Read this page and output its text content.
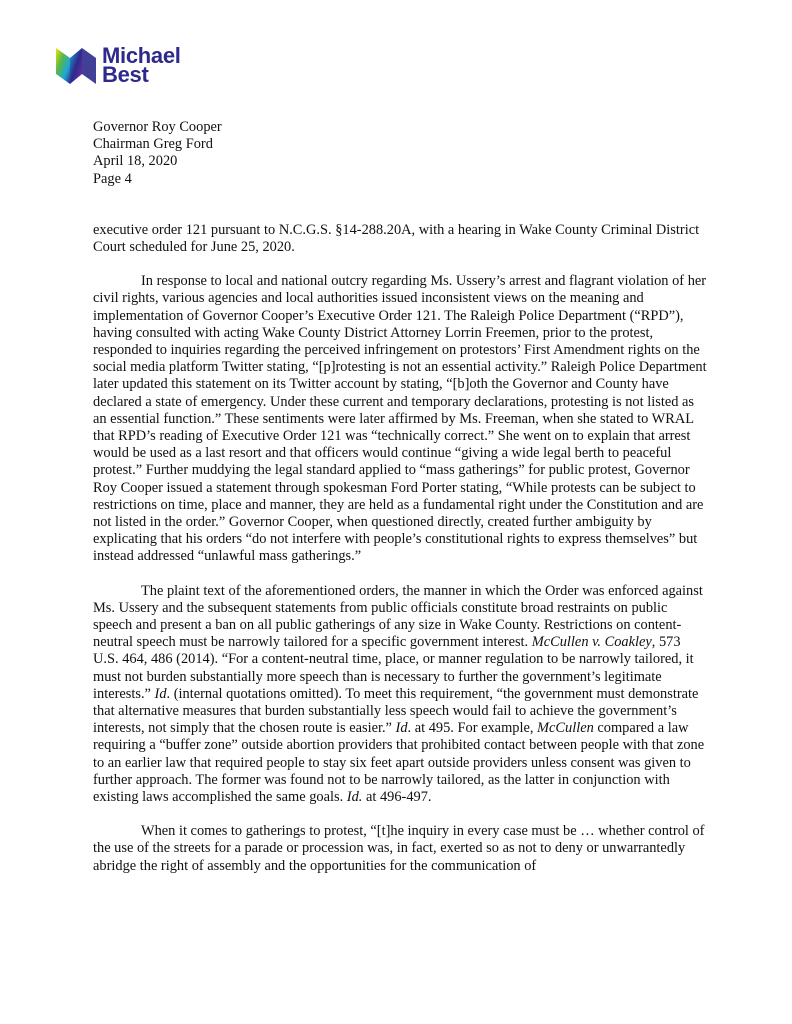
Michael
Best
Governor Roy Cooper
Chairman Greg Ford
April 18, 2020
Page 4

executive order 121 pursuant to N.C.G.S. §14-288.20A, with a hearing in Wake County Criminal District Court scheduled for June 25, 2020.

In response to local and national outcry regarding Ms. Ussery’s arrest and flagrant violation of her civil rights, various agencies and local authorities issued inconsistent views on the meaning and implementation of Governor Cooper’s Executive Order 121. The Raleigh Police Department (“RPD”), having consulted with acting Wake County District Attorney Lorrin Freemen, prior to the protest, responded to inquiries regarding the perceived infringement on protestors’ First Amendment rights on the social media platform Twitter stating, “[p]rotesting is not an essential activity.” Raleigh Police Department later updated this statement on its Twitter account by stating, “[b]oth the Governor and County have declared a state of emergency. Under these current and temporary declarations, protesting is not listed as an essential function.” These sentiments were later affirmed by Ms. Freeman, when she stated to WRAL that RPD’s reading of Executive Order 121 was “technically correct.” She went on to explain that arrest would be used as a last resort and that officers would continue “giving a wide legal berth to peaceful protest.” Further muddying the legal standard applied to “mass gatherings” for public protest, Governor Roy Cooper issued a statement through spokesman Ford Porter stating, “While protests can be subject to restrictions on time, place and manner, they are held as a fundamental right under the Constitution and are not listed in the order.” Governor Cooper, when questioned directly, created further ambiguity by explicating that his orders “do not interfere with people’s constitutional rights to express themselves” but instead addressed “unlawful mass gatherings.”

The plaint text of the aforementioned orders, the manner in which the Order was enforced against Ms. Ussery and the subsequent statements from public officials constitute broad restraints on public speech and present a ban on all public gatherings of any size in Wake County. Restrictions on content-neutral speech must be narrowly tailored for a specific government interest. McCullen v. Coakley, 573 U.S. 464, 486 (2014). “For a content-neutral time, place, or manner regulation to be narrowly tailored, it must not burden substantially more speech than is necessary to further the government’s legitimate interests.” Id. (internal quotations omitted). To meet this requirement, “the government must demonstrate that alternative measures that burden substantially less speech would fail to achieve the government’s interests, not simply that the chosen route is easier.” Id. at 495. For example, McCullen compared a law requiring a “buffer zone” outside abortion providers that prohibited contact between people with that zone to an earlier law that required people to stay six feet apart outside providers unless consent was given to further approach. The former was found not to be narrowly tailored, as the latter in conjunction with existing laws accomplished the same goals. Id. at 496-497.

When it comes to gatherings to protest, “[t]he inquiry in every case must be … whether control of the use of the streets for a parade or procession was, in fact, exerted so as not to deny or unwarrantedly abridge the right of assembly and the opportunities for the communication of
